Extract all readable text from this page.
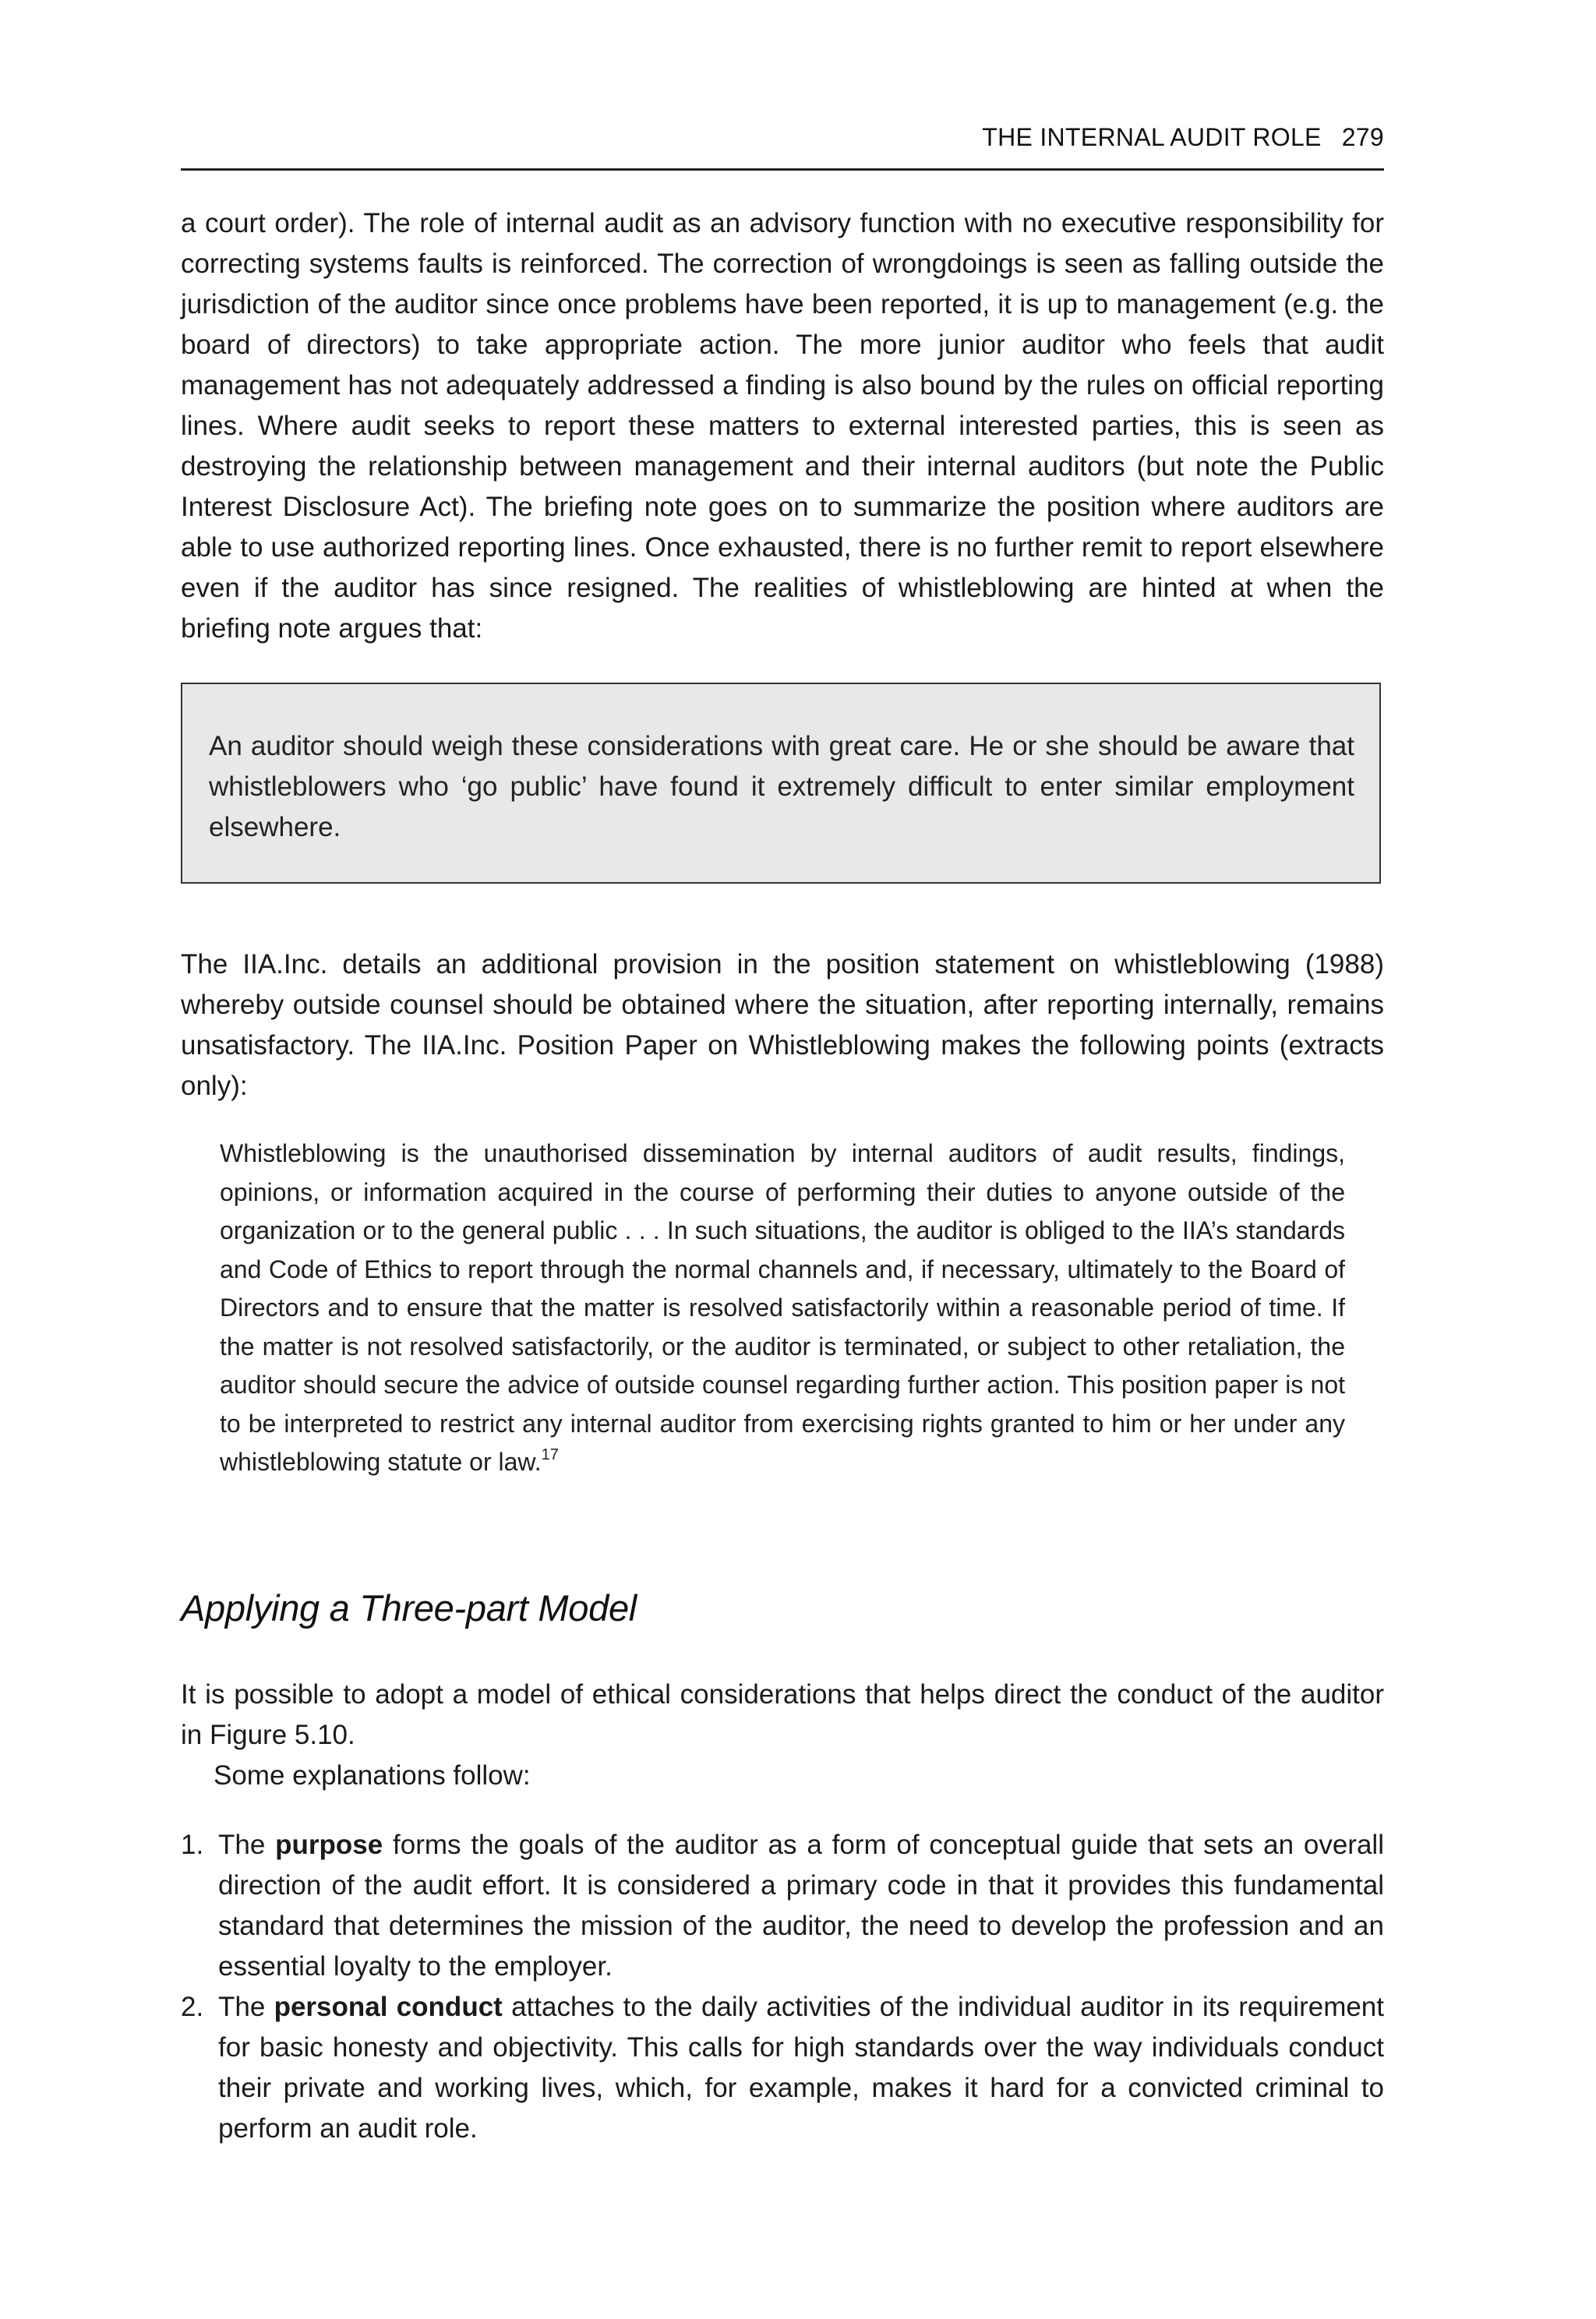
THE INTERNAL AUDIT ROLE 279

a court order). The role of internal audit as an advisory function with no executive responsibility for correcting systems faults is reinforced. The correction of wrongdoings is seen as falling outside the jurisdiction of the auditor since once problems have been reported, it is up to management (e.g. the board of directors) to take appropriate action. The more junior auditor who feels that audit management has not adequately addressed a finding is also bound by the rules on official reporting lines. Where audit seeks to report these matters to external interested parties, this is seen as destroying the relationship between management and their internal auditors (but note the Public Interest Disclosure Act). The briefing note goes on to summarize the position where auditors are able to use authorized reporting lines. Once exhausted, there is no further remit to report elsewhere even if the auditor has since resigned. The realities of whistleblowing are hinted at when the briefing note argues that:

An auditor should weigh these considerations with great care. He or she should be aware that whistleblowers who ‘go public’ have found it extremely difficult to enter similar employment elsewhere.

The IIA.Inc. details an additional provision in the position statement on whistleblowing (1988) whereby outside counsel should be obtained where the situation, after reporting internally, remains unsatisfactory. The IIA.Inc. Position Paper on Whistleblowing makes the following points (extracts only):

Whistleblowing is the unauthorised dissemination by internal auditors of audit results, findings, opinions, or information acquired in the course of performing their duties to anyone outside of the organization or to the general public . . . In such situations, the auditor is obliged to the IIA’s standards and Code of Ethics to report through the normal channels and, if necessary, ultimately to the Board of Directors and to ensure that the matter is resolved satisfactorily within a reasonable period of time. If the matter is not resolved satisfactorily, or the auditor is terminated, or subject to other retaliation, the auditor should secure the advice of outside counsel regarding further action. This position paper is not to be interpreted to restrict any internal auditor from exercising rights granted to him or her under any whistleblowing statute or law.$^{17}$

Applying a Three-part Model

It is possible to adopt a model of ethical considerations that helps direct the conduct of the auditor in Figure 5.10.

Some explanations follow:

1. The purpose forms the goals of the auditor as a form of conceptual guide that sets an overall direction of the audit effort. It is considered a primary code in that it provides this fundamental standard that determines the mission of the auditor, the need to develop the profession and an essential loyalty to the employer.
2. The personal conduct attaches to the daily activities of the individual auditor in its requirement for basic honesty and objectivity. This calls for high standards over the way individuals conduct their private and working lives, which, for example, makes it hard for a convicted criminal to perform an audit role.
